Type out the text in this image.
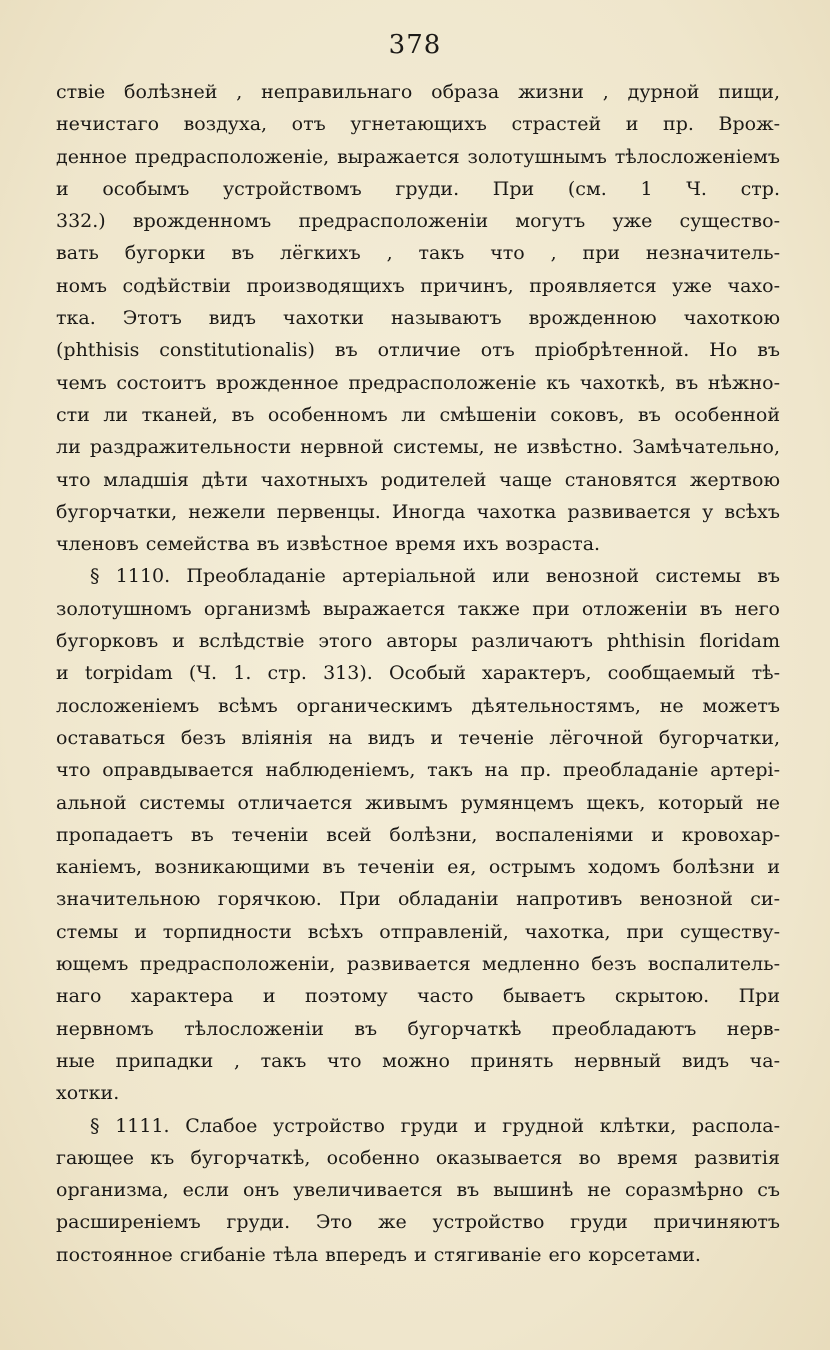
378
ствіе болѣзней , неправильнаго образа жизни , дурной пищи,
нечистаго воздуха, отъ угнетающихъ страстей и пр. Врож-
денное предрасположеніе, выражается золотушнымъ тѣлосложеніемъ
и особымъ устройствомъ груди. При (см. 1 Ч. стр.
332.) врожденномъ предрасположеніи могутъ уже существо-
вать бугорки въ лёгкихъ , такъ что , при незначитель-
номъ содѣйствіи производящихъ причинъ, проявляется уже чахо-
тка. Этотъ видъ чахотки называютъ врожденною чахоткою
(phthisis constitutionalis) въ отличие отъ пріобрѣтенной. Но въ
чемъ состоитъ врожденное предрасположеніе къ чахоткѣ, въ нѣжно-
сти ли тканей, въ особенномъ ли смѣшеніи соковъ, въ особенной
ли раздражительности нервной системы, не извѣстно. Замѣчательно,
что младшія дѣти чахотныхъ родителей чаще становятся жертвою
бугорчатки, нежели первенцы. Иногда чахотка развивается у всѣхъ
членовъ семейства въ извѣстное время ихъ возраста.
§ 1110. Преобладаніе артеріальной или венозной системы въ
золотушномъ организмѣ выражается также при отложеніи въ него
бугорковъ и вслѣдствіе этого авторы различаютъ phthisin floridam
и torpidam (Ч. 1. стр. 313). Особый характеръ, сообщаемый тѣ-
лосложеніемъ всѣмъ органическимъ дѣятельностямъ, не можетъ
оставаться безъ вліянія на видъ и теченіе лёгочной бугорчатки,
что оправдывается наблюденіемъ, такъ на пр. преобладаніе артері-
альной системы отличается живымъ румянцемъ щекъ, который не
пропадаетъ въ теченіи всей болѣзни, воспаленіями и кровохар-
каніемъ, возникающими въ теченіи ея, острымъ ходомъ болѣзни и
значительною горячкою. При обладаніи напротивъ венозной си-
стемы и торпидности всѣхъ отправленій, чахотка, при существу-
ющемъ предрасположеніи, развивается медленно безъ воспалитель-
наго характера и поэтому часто бываетъ скрытою. При
нервномъ тѣлосложеніи въ бугорчаткѣ преобладаютъ нерв-
ные припадки , такъ что можно принять нервный видъ ча-
хотки.
§ 1111. Слабое устройство груди и грудной клѣтки, распола-
гающее къ бугорчаткѣ, особенно оказывается во время развитія
организма, если онъ увеличивается въ вышинѣ не соразмѣрно съ
расширеніемъ груди. Это же устройство груди причиняютъ
постоянное сгибаніе тѣла впередъ и стягиваніе его корсетами.
